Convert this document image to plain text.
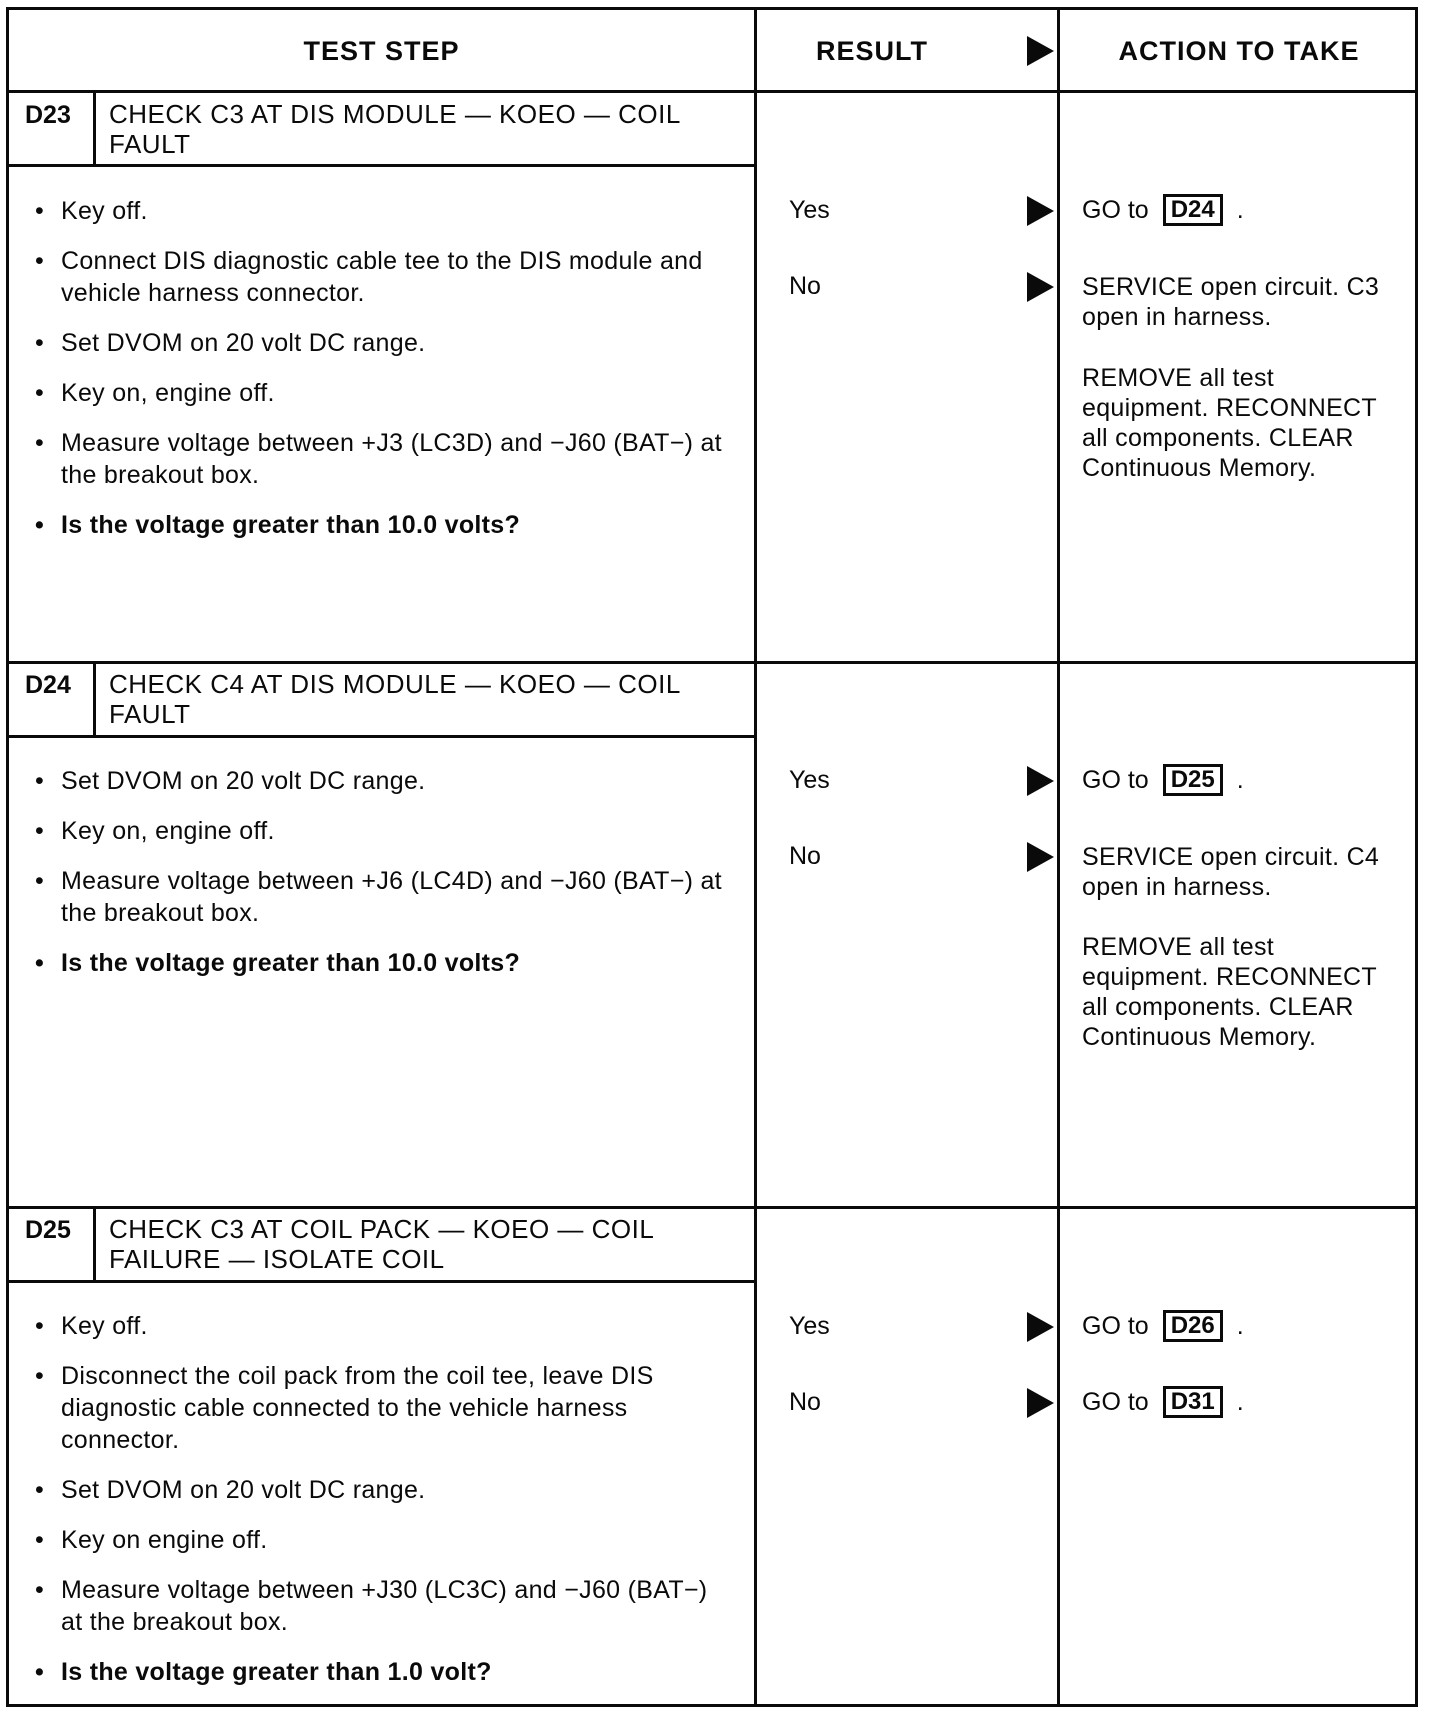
TEST STEP	RESULT	ACTION TO TAKE
D23 CHECK C3 AT DIS MODULE — KOEO — COIL FAULT
• Key off.
• Connect DIS diagnostic cable tee to the DIS module and vehicle harness connector.
• Set DVOM on 20 volt DC range.
• Key on, engine off.
• Measure voltage between +J3 (LC3D) and −J60 (BAT−) at the breakout box.
• Is the voltage greater than 10.0 volts?
Yes	GO to D24 .
No	SERVICE open circuit. C3 open in harness.
REMOVE all test equipment. RECONNECT all components. CLEAR Continuous Memory.
D24 CHECK C4 AT DIS MODULE — KOEO — COIL FAULT
• Set DVOM on 20 volt DC range.
• Key on, engine off.
• Measure voltage between +J6 (LC4D) and −J60 (BAT−) at the breakout box.
• Is the voltage greater than 10.0 volts?
Yes	GO to D25 .
No	SERVICE open circuit. C4 open in harness.
REMOVE all test equipment. RECONNECT all components. CLEAR Continuous Memory.
D25 CHECK C3 AT COIL PACK — KOEO — COIL FAILURE — ISOLATE COIL
• Key off.
• Disconnect the coil pack from the coil tee, leave DIS diagnostic cable connected to the vehicle harness connector.
• Set DVOM on 20 volt DC range.
• Key on engine off.
• Measure voltage between +J30 (LC3C) and −J60 (BAT−) at the breakout box.
• Is the voltage greater than 1.0 volt?
Yes	GO to D26 .
No	GO to D31 .
